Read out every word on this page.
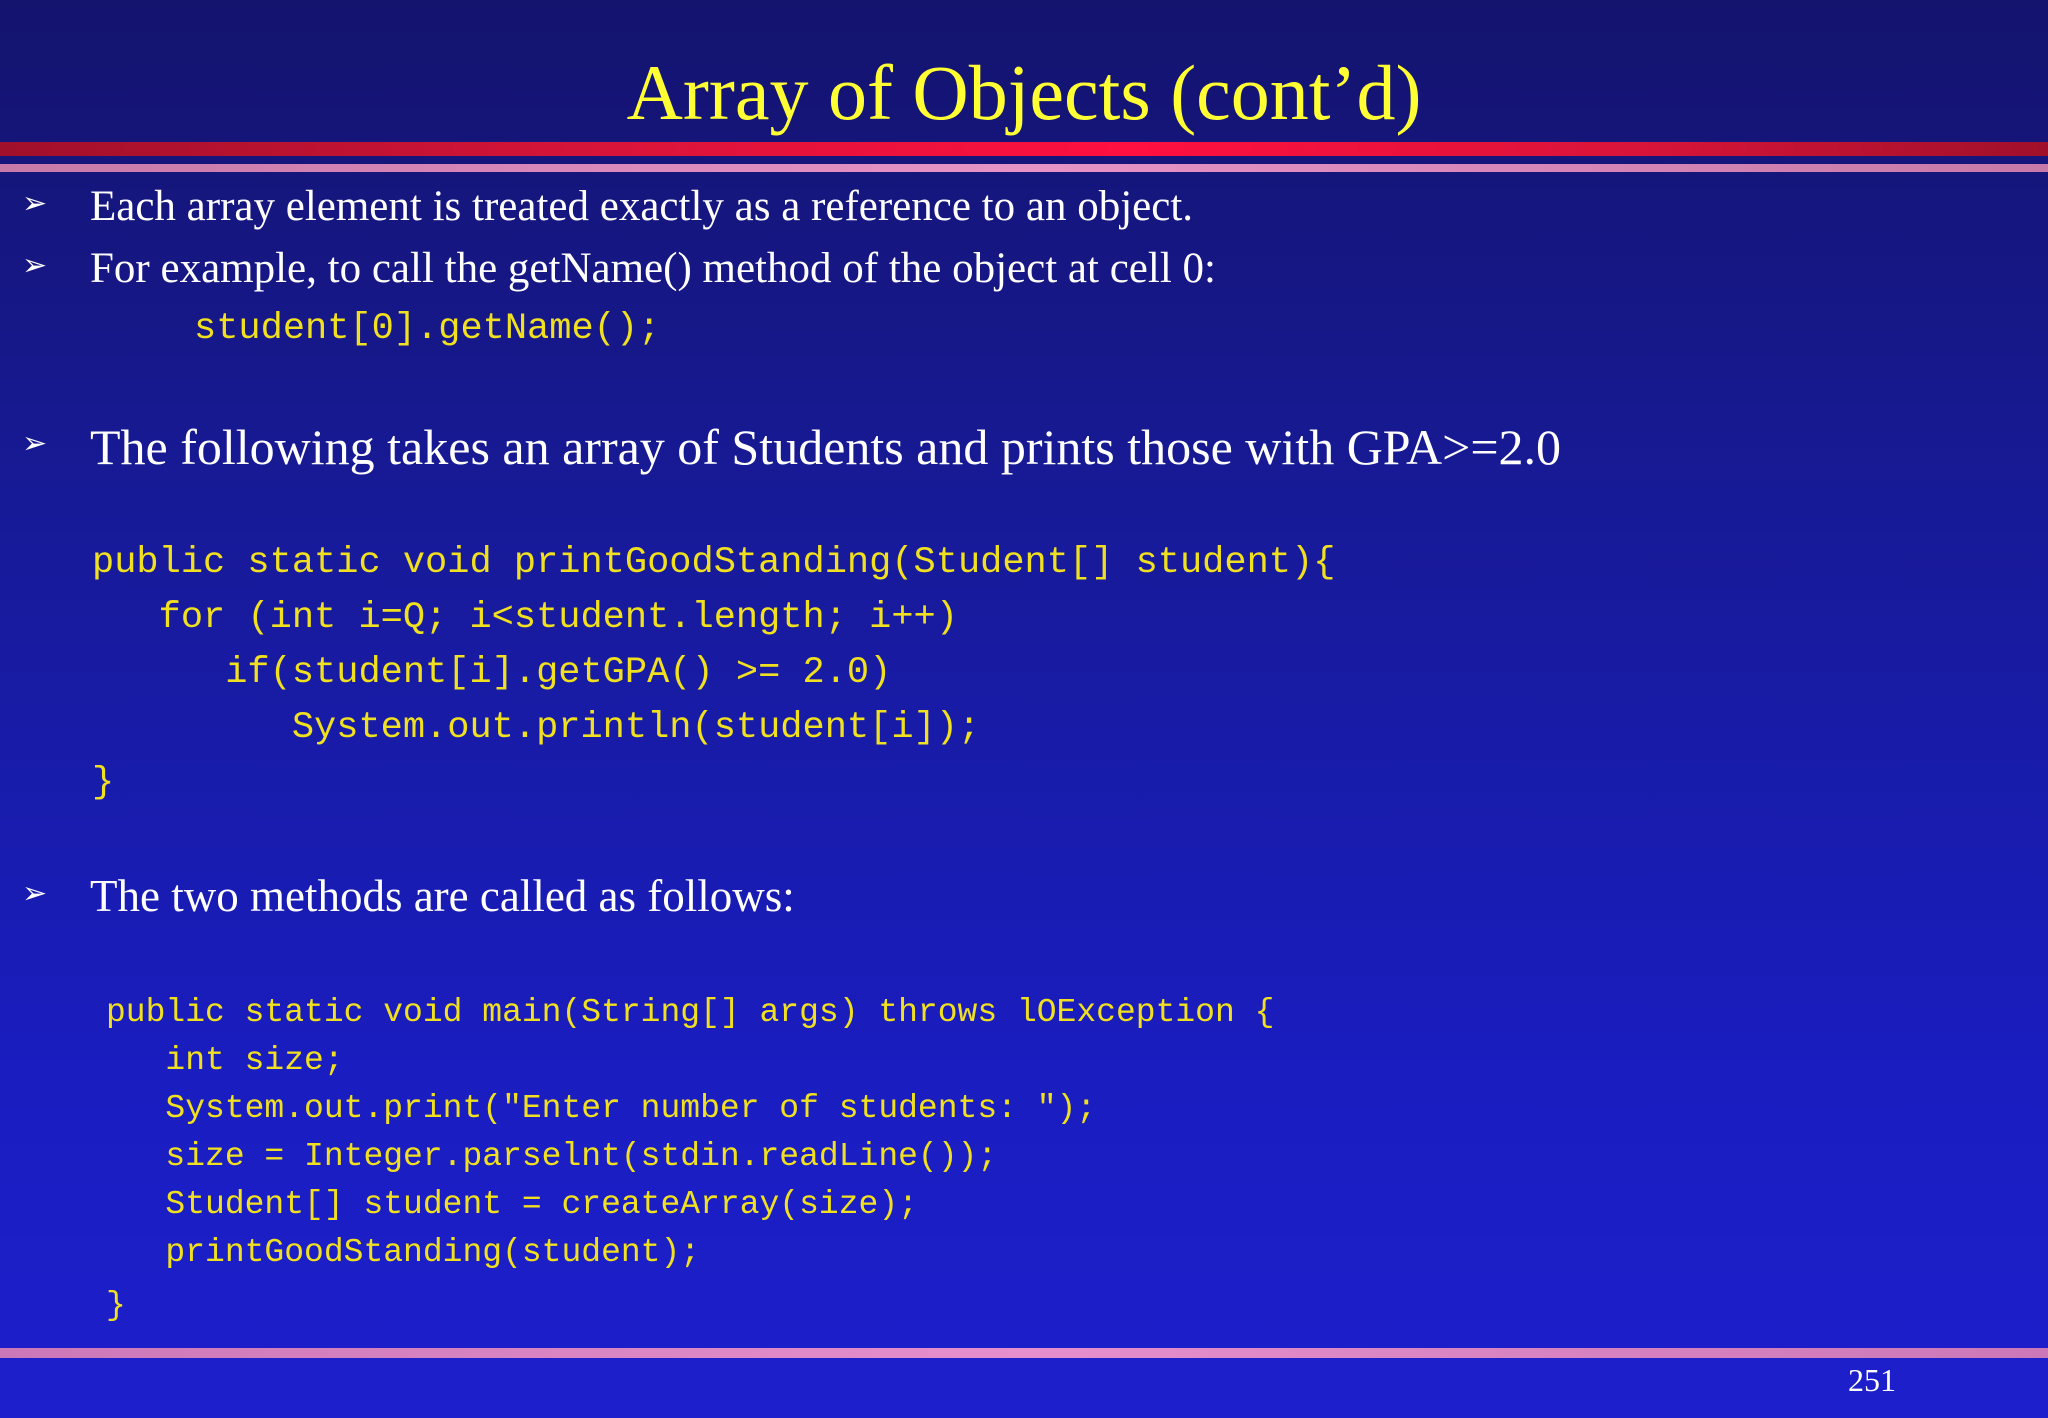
Array of Objects (cont’d)
➢ Each array element is treated exactly as a reference to an object.
➢ For example, to call the getName() method of the object at cell 0:
student[0].getName();
➢ The following takes an array of Students and prints those with GPA>=2.0
public static void printGoodStanding(Student[] student){
for (int i=Q; i<student.length; i++)
if(student[i].getGPA() >= 2.0)
System.out.println(student[i]);
}
➢ The two methods are called as follows:
public static void main(String[] args) throws lOException {
int size;
System.out.print("Enter number of students: ");
size = Integer.parselnt(stdin.readLine());
Student[] student = createArray(size);
printGoodStanding(student);
}
251
